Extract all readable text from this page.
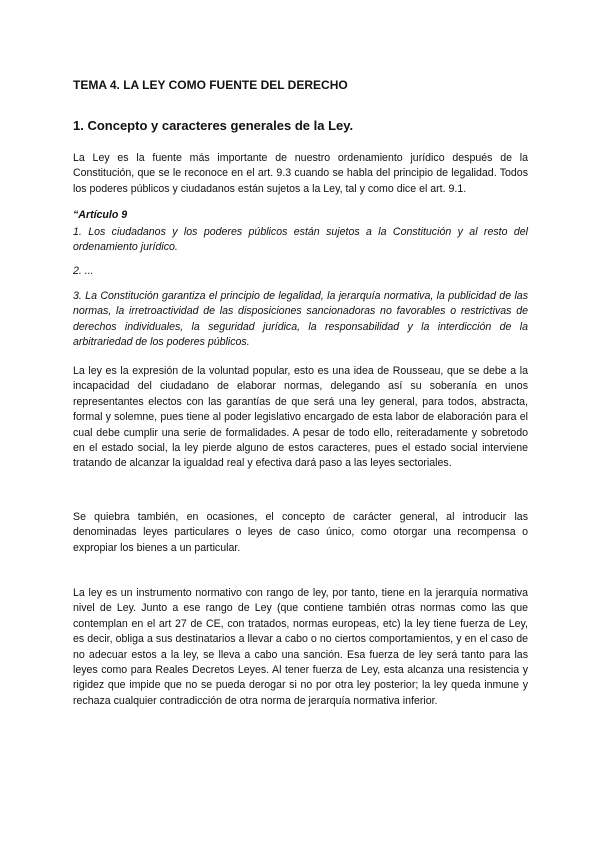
TEMA 4. LA LEY COMO FUENTE DEL DERECHO
1. Concepto y caracteres generales de la Ley.

La Ley es la fuente más importante de nuestro ordenamiento jurídico después de la Constitución, que se le reconoce en el art. 9.3 cuando se habla del principio de legalidad. Todos los poderes públicos y ciudadanos están sujetos a la Ley, tal y como dice el art. 9.1.

“Artículo 9

1. Los ciudadanos y los poderes públicos están sujetos a la Constitución y al resto del ordenamiento jurídico.

2. ...

3. La Constitución garantiza el principio de legalidad, la jerarquía normativa, la publicidad de las normas, la irretroactividad de las disposiciones sancionadoras no favorables o restrictivas de derechos individuales, la seguridad jurídica, la responsabilidad y la interdicción de la arbitrariedad de los poderes públicos.

La ley es la expresión de la voluntad popular, esto es una idea de Rousseau, que se debe a la incapacidad del ciudadano de elaborar normas, delegando así su soberanía en unos representantes electos con las garantías de que será una ley general, para todos, abstracta, formal y solemne, pues tiene al poder legislativo encargado de esta labor de elaboración para el cual debe cumplir una serie de formalidades. A pesar de todo ello, reiteradamente y sobretodo en el estado social, la ley pierde alguno de estos caracteres, pues el estado social interviene tratando de alcanzar la igualdad real y efectiva dará paso a las leyes sectoriales.

Se quiebra también, en ocasiones, el concepto de carácter general, al introducir las denominadas leyes particulares o leyes de caso único, como otorgar una recompensa o expropiar los bienes a un particular.

La ley es un instrumento normativo con rango de ley, por tanto, tiene en la jerarquía normativa nivel de Ley. Junto a ese rango de Ley (que contiene también otras normas como las que contemplan en el art 27 de CE, con tratados, normas europeas, etc) la ley tiene fuerza de Ley, es decir, obliga a sus destinatarios a llevar a cabo o no ciertos comportamientos, y en el caso de no adecuar estos a la ley, se lleva a cabo una sanción. Esa fuerza de ley será tanto para las leyes como para Reales Decretos Leyes. Al tener fuerza de Ley, esta alcanza una resistencia y rigidez que impide que no se pueda derogar si no por otra ley posterior; la ley queda inmune y rechaza cualquier contradicción de otra norma de jerarquía normativa inferior.
